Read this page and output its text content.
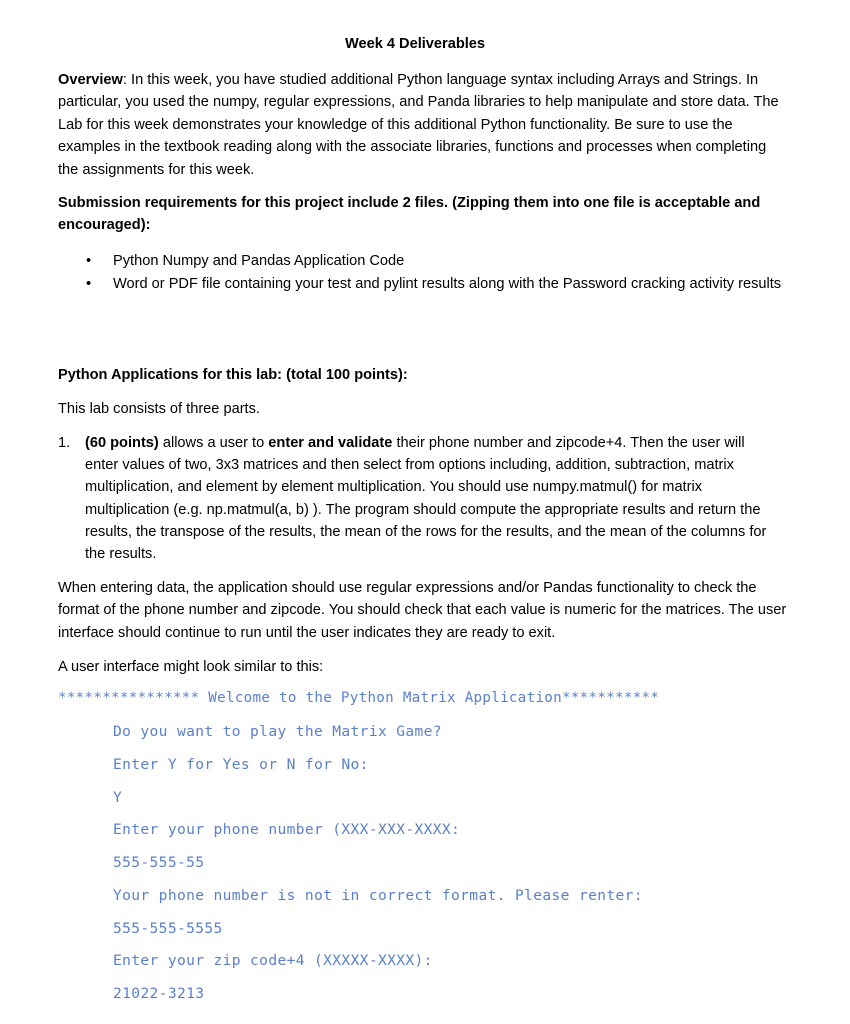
Week 4 Deliverables

Overview: In this week, you have studied additional Python language syntax including Arrays and Strings. In particular, you used the numpy, regular expressions, and Panda libraries to help manipulate and store data. The Lab for this week demonstrates your knowledge of this additional Python functionality. Be sure to use the examples in the textbook reading along with the associate libraries, functions and processes when completing the assignments for this week.

Submission requirements for this project include 2 files. (Zipping them into one file is acceptable and encouraged):

• Python Numpy and Pandas Application Code
• Word or PDF file containing your test and pylint results along with the Password cracking activity results

Python Applications for this lab: (total 100 points):

This lab consists of three parts.

1. (60 points) allows a user to enter and validate their phone number and zipcode+4. Then the user will enter values of two, 3x3 matrices and then select from options including, addition, subtraction, matrix multiplication, and element by element multiplication. You should use numpy.matmul() for matrix multiplication (e.g. np.matmul(a, b) ). The program should compute the appropriate results and return the results, the transpose of the results, the mean of the rows for the results, and the mean of the columns for the results.

When entering data, the application should use regular expressions and/or Pandas functionality to check the format of the phone number and zipcode. You should check that each value is numeric for the matrices. The user interface should continue to run until the user indicates they are ready to exit.

A user interface might look similar to this:

**************** Welcome to the Python Matrix Application***********
Do you want to play the Matrix Game?
Enter Y for Yes or N for No:
Y
Enter your phone number (XXX-XXX-XXXX:
555-555-55
Your phone number is not in correct format. Please renter:
555-555-5555
Enter your zip code+4 (XXXXX-XXXX):
21022-3213
